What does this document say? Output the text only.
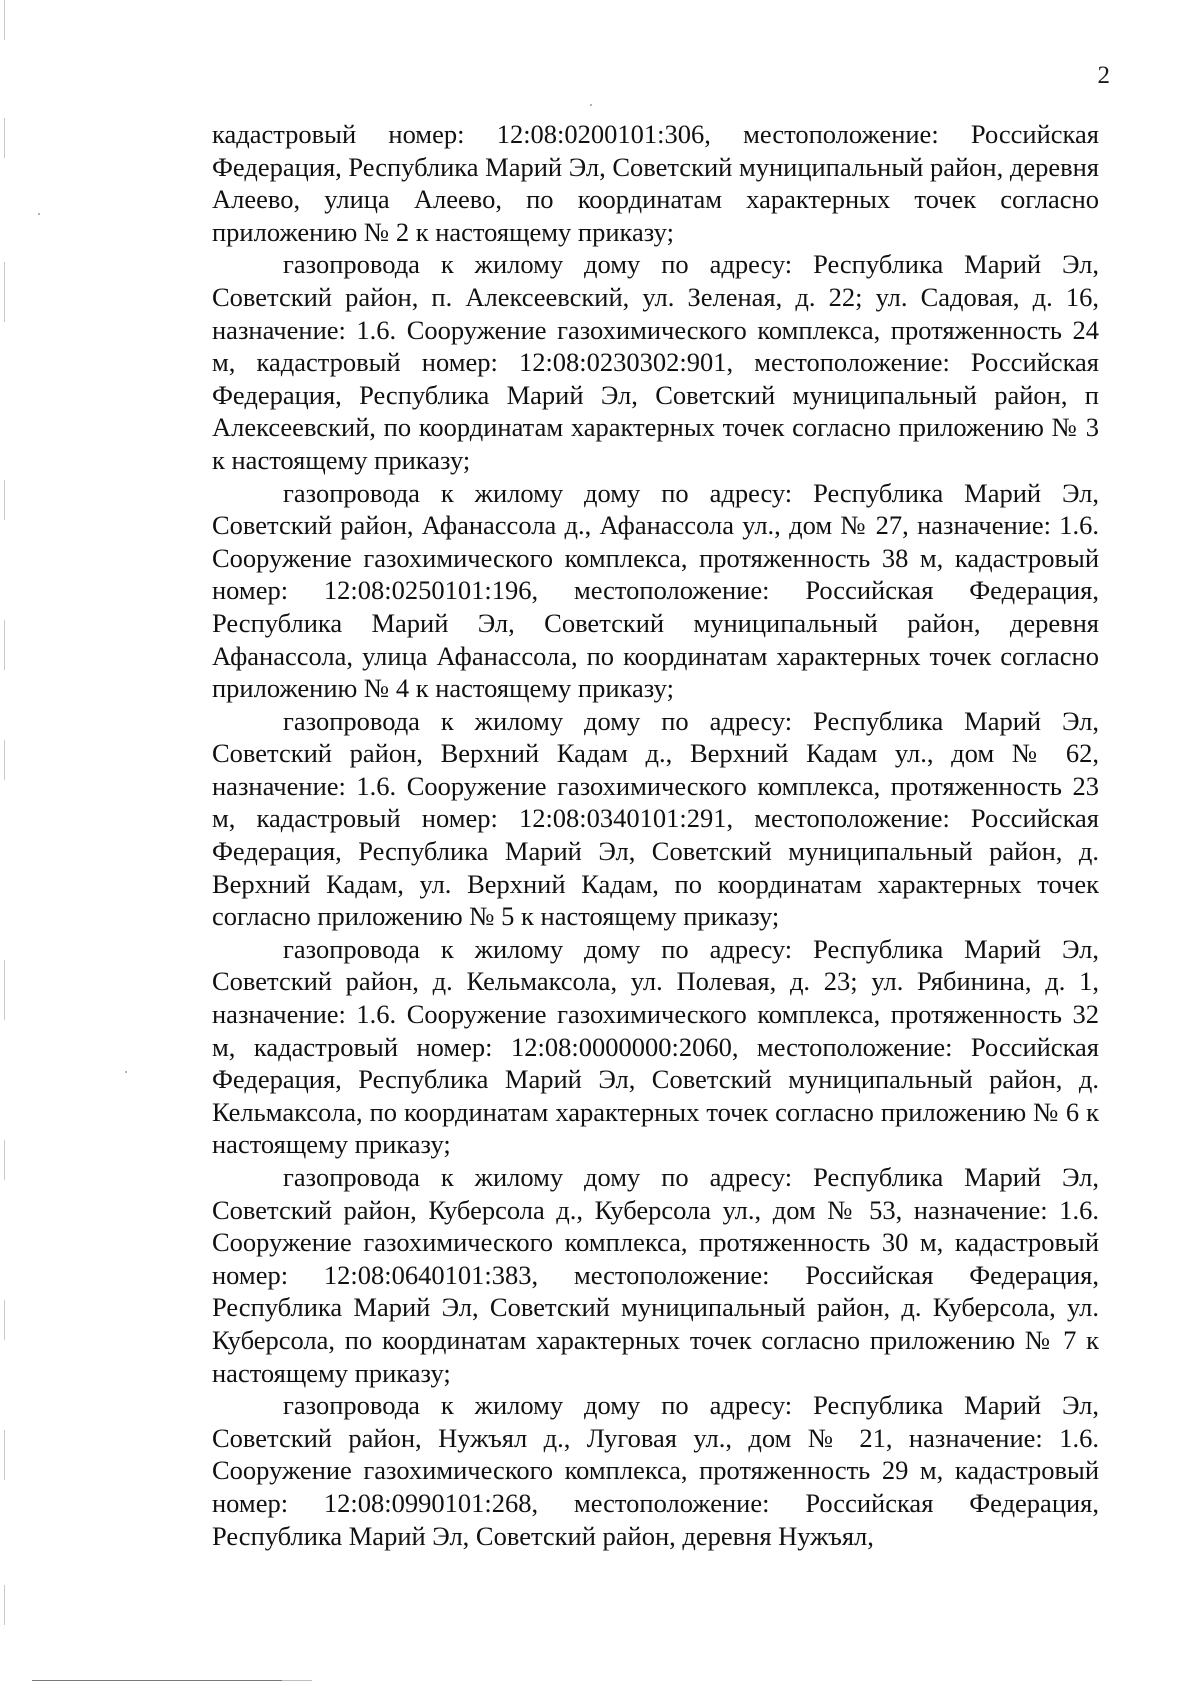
2

кадастровый номер: 12:08:0200101:306, местоположение: Российская Федерация, Республика Марий Эл, Советский муниципальный район, деревня Алеево, улица Алеево, по координатам характерных точек согласно приложению № 2 к настоящему приказу;

газопровода к жилому дому по адресу: Республика Марий Эл, Советский район, п. Алексеевский, ул. Зеленая, д. 22; ул. Садовая, д. 16, назначение: 1.6. Сооружение газохимического комплекса, протяженность 24 м, кадастровый номер: 12:08:0230302:901, местоположение: Российская Федерация, Республика Марий Эл, Советский муниципальный район, п Алексеевский, по координатам характерных точек согласно приложению № 3 к настоящему приказу;

газопровода к жилому дому по адресу: Республика Марий Эл, Советский район, Афанассола д., Афанассола ул., дом № 27, назначение: 1.6. Сооружение газохимического комплекса, протяженность 38 м, кадастровый номер: 12:08:0250101:196, местоположение: Российская Федерация, Республика Марий Эл, Советский муниципальный район, деревня Афанассола, улица Афанассола, по координатам характерных точек согласно приложению № 4 к настоящему приказу;

газопровода к жилому дому по адресу: Республика Марий Эл, Советский район, Верхний Кадам д., Верхний Кадам ул., дом № 62, назначение: 1.6. Сооружение газохимического комплекса, протяженность 23 м, кадастровый номер: 12:08:0340101:291, местоположение: Российская Федерация, Республика Марий Эл, Советский муниципальный район, д. Верхний Кадам, ул. Верхний Кадам, по координатам характерных точек согласно приложению № 5 к настоящему приказу;

газопровода к жилому дому по адресу: Республика Марий Эл, Советский район, д. Кельмаксола, ул. Полевая, д. 23; ул. Рябинина, д. 1, назначение: 1.6. Сооружение газохимического комплекса, протяженность 32 м, кадастровый номер: 12:08:0000000:2060, местоположение: Российская Федерация, Республика Марий Эл, Советский муниципальный район, д. Кельмаксола, по координатам характерных точек согласно приложению № 6 к настоящему приказу;

газопровода к жилому дому по адресу: Республика Марий Эл, Советский район, Куберсола д., Куберсола ул., дом № 53, назначение: 1.6. Сооружение газохимического комплекса, протяженность 30 м, кадастровый номер: 12:08:0640101:383, местоположение: Российская Федерация, Республика Марий Эл, Советский муниципальный район, д. Куберсола, ул. Куберсола, по координатам характерных точек согласно приложению № 7 к настоящему приказу;

газопровода к жилому дому по адресу: Республика Марий Эл, Советский район, Нужъял д., Луговая ул., дом № 21, назначение: 1.6. Сооружение газохимического комплекса, протяженность 29 м, кадастровый номер: 12:08:0990101:268, местоположение: Российская Федерация, Республика Марий Эл, Советский район, деревня Нужъял,
